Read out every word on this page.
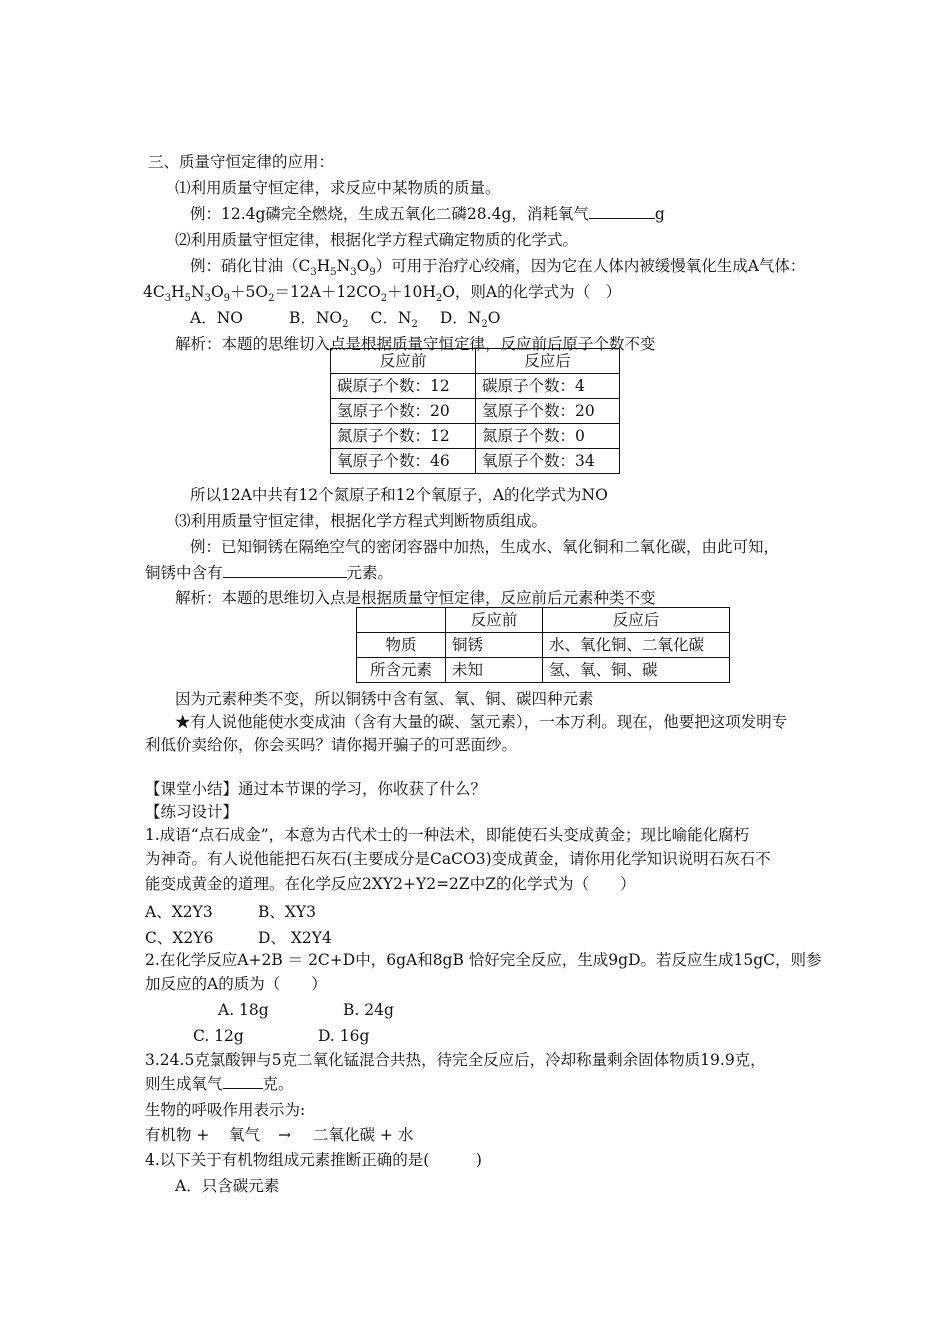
三、质量守恒定律的应用：
⑴利用质量守恒定律，求反应中某物质的质量。
例：12.4g磷完全燃烧，生成五氧化二磷28.4g，消耗氧气	g
⑵利用质量守恒定律，根据化学方程式确定物质的化学式。
例：硝化甘油$(C_3H_5N_3O_9)$可用于治疗心绞痛，因为它在人体内被缓慢氧化生成A气体：
$4C_3H_5N_3O_9+5O_2=12A+12CO_2+10H_2O$，则A的化学式为（　）
A．NO	B．$NO_2$ C．$N_2$ D．$N_2O$
解析：本题的思维切入点是根据质量守恒定律，反应前后原子个数不变
反应前	反应后
碳原子个数：12	碳原子个数：4
氢原子个数：20	氢原子个数：20
氮原子个数：12	氮原子个数：0
氧原子个数：46	氧原子个数：34
所以12A中共有12个氮原子和12个氧原子，A的化学式为NO
⑶利用质量守恒定律，根据化学方程式判断物质组成。
例：已知铜锈在隔绝空气的密闭容器中加热，生成水、氧化铜和二氧化碳，由此可知，
铜锈中含有	元素。
解析：本题的思维切入点是根据质量守恒定律，反应前后元素种类不变
	反应前	反应后
物质	铜锈	水、氧化铜、二氧化碳
所含元素	未知	氢、氧、铜、碳
因为元素种类不变，所以铜锈中含有氢、氧、铜、碳四种元素
★有人说他能使水变成油（含有大量的碳、氢元素），一本万利。现在，他要把这项发明专
利低价卖给你，你会买吗？请你揭开骗子的可恶面纱。
【课堂小结】通过本节课的学习，你收获了什么？
【练习设计】
1.成语“点石成金”，本意为古代术士的一种法术，即能使石头变成黄金；现比喻能化腐朽
为神奇。有人说他能把石灰石(主要成分是CaCO3)变成黄金，请你用化学知识说明石灰石不
能变成黄金的道理。在化学反应2XY2+Y2=2Z中Z的化学式为（　　）
A、X2Y3	B、XY3
C、X2Y6	D、 X2Y4
2.在化学反应A+2B ＝ 2C+D中，6gA和8gB 恰好完全反应，生成9gD。若反应生成15gC，则参
加反应的A的质为（　　）
A. 18g	B. 24g
C. 12g	D. 16g
3.24.5克氯酸钾与5克二氧化锰混合共热，待完全反应后，冷却称量剩余固体物质19.9克，
则生成氧气	克。
生物的呼吸作用表示为:
有机物 + 氧气 → 二氧化碳 + 水
4.以下关于有机物组成元素推断正确的是(　　　)
A．只含碳元素
